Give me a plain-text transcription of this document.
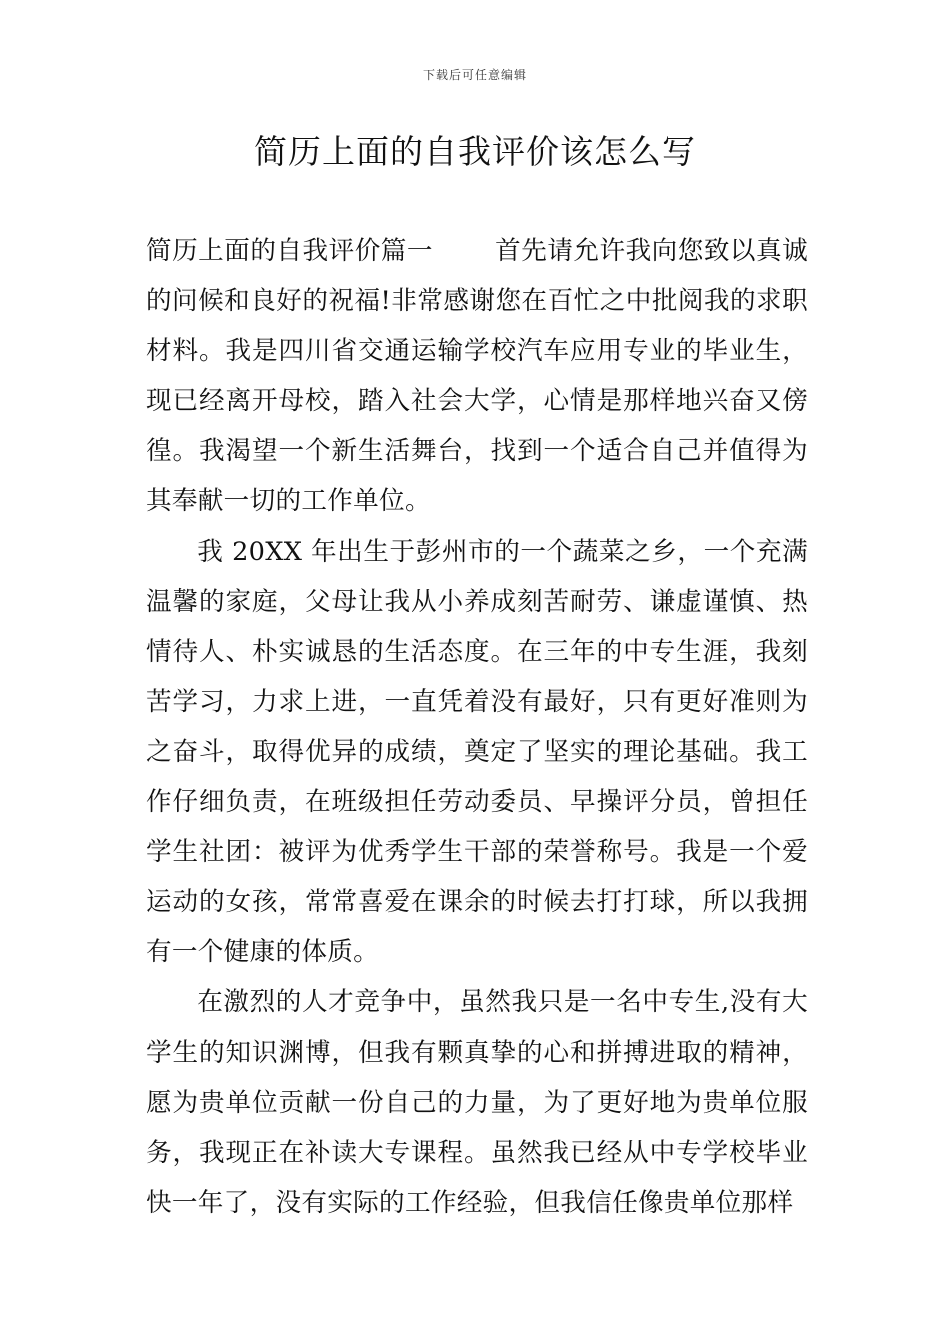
下载后可任意编辑
简历上面的自我评价该怎么写

简历上面的自我评价篇一 首先请允许我向您致以真诚的问候和良好的祝福!非常感谢您在百忙之中批阅我的求职材料。我是四川省交通运输学校汽车应用专业的毕业生，现已经离开母校，踏入社会大学，心情是那样地兴奋又傍徨。我渴望一个新生活舞台，找到一个适合自己并值得为其奉献一切的工作单位。

我 20XX 年出生于彭州市的一个蔬菜之乡，一个充满温馨的家庭，父母让我从小养成刻苦耐劳、谦虚谨慎、热情待人、朴实诚恳的生活态度。在三年的中专生涯，我刻苦学习，力求上进，一直凭着没有最好，只有更好准则为之奋斗，取得优异的成绩，奠定了坚实的理论基础。我工作仔细负责，在班级担任劳动委员、早操评分员，曾担任学生社团：被评为优秀学生干部的荣誉称号。我是一个爱运动的女孩，常常喜爱在课余的时候去打打球，所以我拥有一个健康的体质。

在激烈的人才竞争中，虽然我只是一名中专生,没有大学生的知识渊博，但我有颗真挚的心和拼搏进取的精神，愿为贵单位贡献一份自己的力量，为了更好地为贵单位服务，我现正在补读大专课程。虽然我已经从中专学校毕业快一年了，没有实际的工作经验，但我信任像贵单位那样
